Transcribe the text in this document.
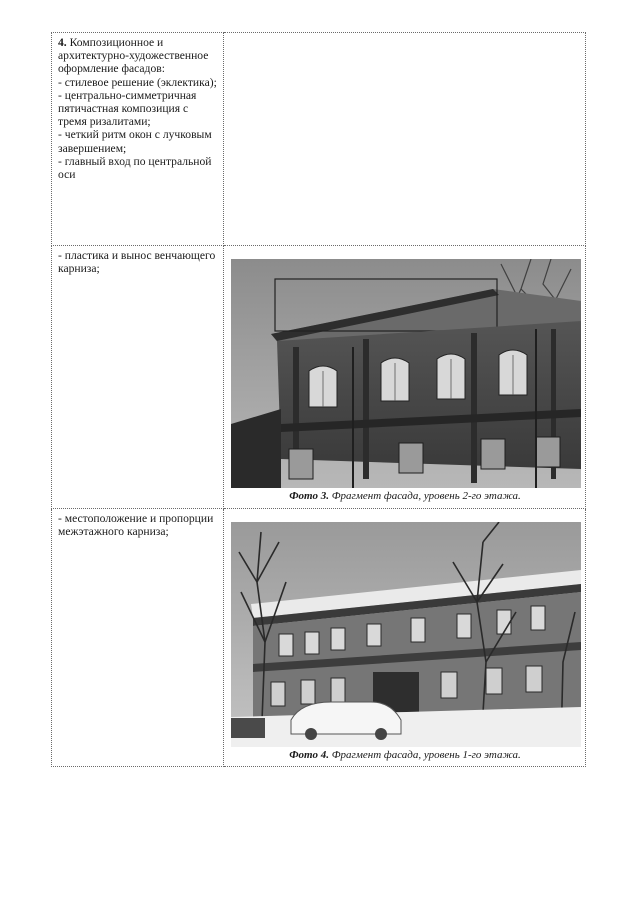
4. Композиционное и архитектурно-художественное оформление фасадов:

- стилевое решение (эклектика);

- центрально-симметричная пятичастная композиция с тремя ризалитами;

- четкий ритм окон с лучковым завершением;

- главный вход по центральной оси	

- пластика и вынос венчающего карниза;	Фото 3. Фрагмент фасада, уровень 2-го этажа.

- местоположение и пропорции межэтажного карниза;	Фото 4. Фрагмент фасада, уровень 1-го этажа.
